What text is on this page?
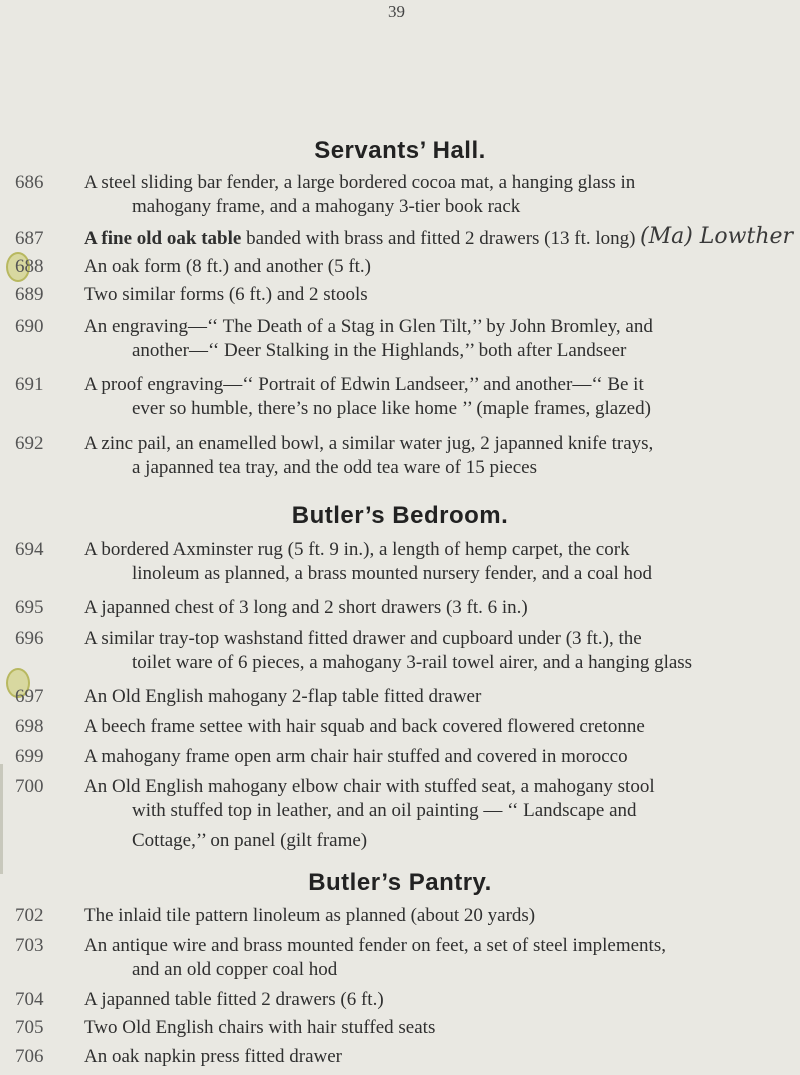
39
Servants’ Hall.
686	A steel sliding bar fender, a large bordered cocoa mat, a hanging glass in
mahogany frame, and a mahogany 3-tier book rack
687	A fine old oak table banded with brass and fitted 2 drawers (13 ft. long) (Ma) Lowther
688	An oak form (8 ft.) and another (5 ft.)
689	Two similar forms (6 ft.) and 2 stools
690	An engraving—‘‘ The Death of a Stag in Glen Tilt,’’ by John Bromley, and
another—‘‘ Deer Stalking in the Highlands,’’ both after Landseer
691	A proof engraving—‘‘ Portrait of Edwin Landseer,’’ and another—‘‘ Be it
ever so humble, there’s no place like home ’’ (maple frames, glazed)
692	A zinc pail, an enamelled bowl, a similar water jug, 2 japanned knife trays,
a japanned tea tray, and the odd tea ware of 15 pieces
Butler’s Bedroom.
694	A bordered Axminster rug (5 ft. 9 in.), a length of hemp carpet, the cork
linoleum as planned, a brass mounted nursery fender, and a coal hod
695	A japanned chest of 3 long and 2 short drawers (3 ft. 6 in.)
696	A similar tray-top washstand fitted drawer and cupboard under (3 ft.), the
toilet ware of 6 pieces, a mahogany 3-rail towel airer, and a hanging glass
697	An Old English mahogany 2-flap table fitted drawer
698	A beech frame settee with hair squab and back covered flowered cretonne
699	A mahogany frame open arm chair hair stuffed and covered in morocco
700	An Old English mahogany elbow chair with stuffed seat, a mahogany stool
with stuffed top in leather, and an oil painting — ‘‘ Landscape and
Cottage,’’ on panel (gilt frame)
Butler’s Pantry.
702	The inlaid tile pattern linoleum as planned (about 20 yards)
703	An antique wire and brass mounted fender on feet, a set of steel implements,
and an old copper coal hod
704	A japanned table fitted 2 drawers (6 ft.)
705	Two Old English chairs with hair stuffed seats
706	An oak napkin press fitted drawer
